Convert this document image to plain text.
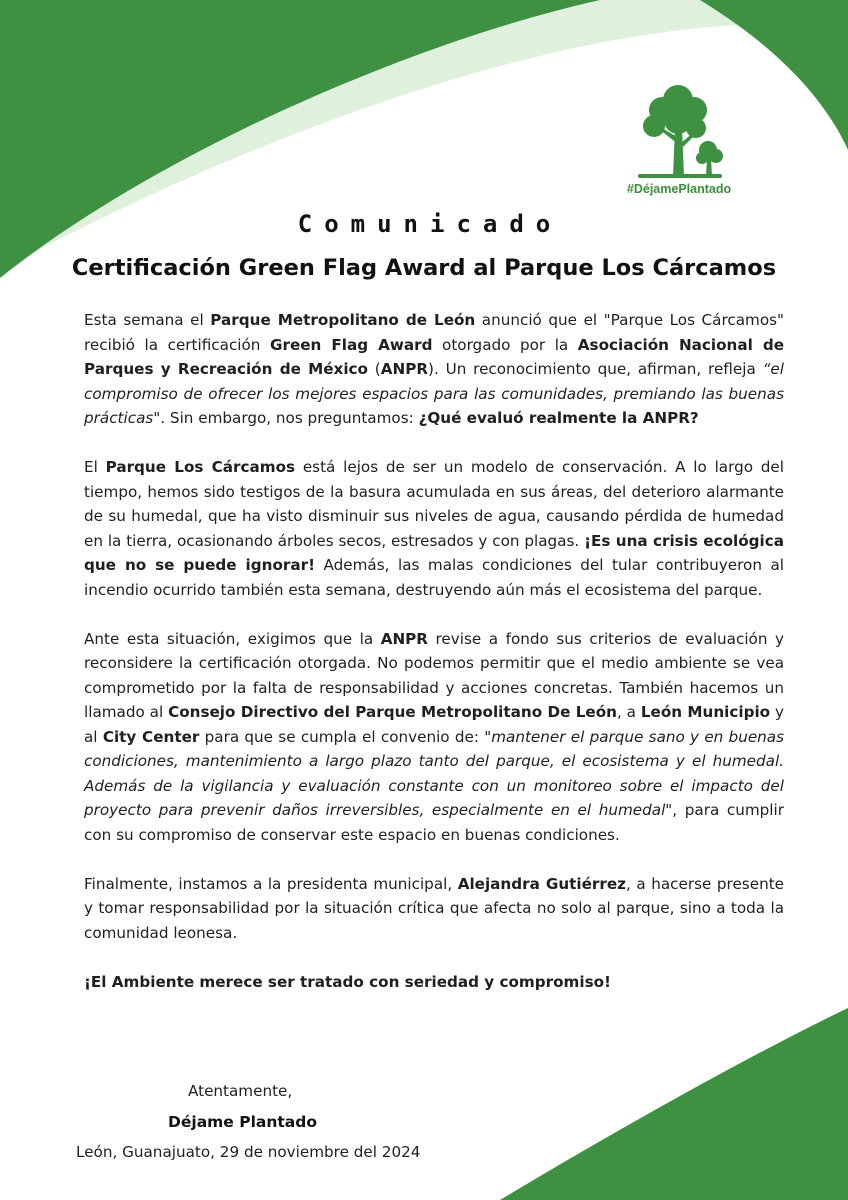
#DéjamePlantado
Comunicado
Certificación Green Flag Award al Parque Los Cárcamos

Esta semana el Parque Metropolitano de León anunció que el "Parque Los Cárcamos" recibió la certificación Green Flag Award otorgado por la Asociación Nacional de Parques y Recreación de México (ANPR). Un reconocimiento que, afirman, refleja “el compromiso de ofrecer los mejores espacios para las comunidades, premiando las buenas prácticas". Sin embargo, nos preguntamos: ¿Qué evaluó realmente la ANPR?

El Parque Los Cárcamos está lejos de ser un modelo de conservación. A lo largo del tiempo, hemos sido testigos de la basura acumulada en sus áreas, del deterioro alarmante de su humedal, que ha visto disminuir sus niveles de agua, causando pérdida de humedad en la tierra, ocasionando árboles secos, estresados y con plagas. ¡Es una crisis ecológica que no se puede ignorar! Además, las malas condiciones del tular contribuyeron al incendio ocurrido también esta semana, destruyendo aún más el ecosistema del parque.

Ante esta situación, exigimos que la ANPR revise a fondo sus criterios de evaluación y reconsidere la certificación otorgada. No podemos permitir que el medio ambiente se vea comprometido por la falta de responsabilidad y acciones concretas. También hacemos un llamado al Consejo Directivo del Parque Metropolitano De León, a León Municipio y al City Center para que se cumpla el convenio de: "mantener el parque sano y en buenas condiciones, mantenimiento a largo plazo tanto del parque, el ecosistema y el humedal. Además de la vigilancia y evaluación constante con un monitoreo sobre el impacto del proyecto para prevenir daños irreversibles, especialmente en el humedal", para cumplir con su compromiso de conservar este espacio en buenas condiciones.

Finalmente, instamos a la presidenta municipal, Alejandra Gutiérrez, a hacerse presente y tomar responsabilidad por la situación crítica que afecta no solo al parque, sino a toda la comunidad leonesa.

¡El Ambiente merece ser tratado con seriedad y compromiso!

Atentamente,
Déjame Plantado
León, Guanajuato, 29 de noviembre del 2024
